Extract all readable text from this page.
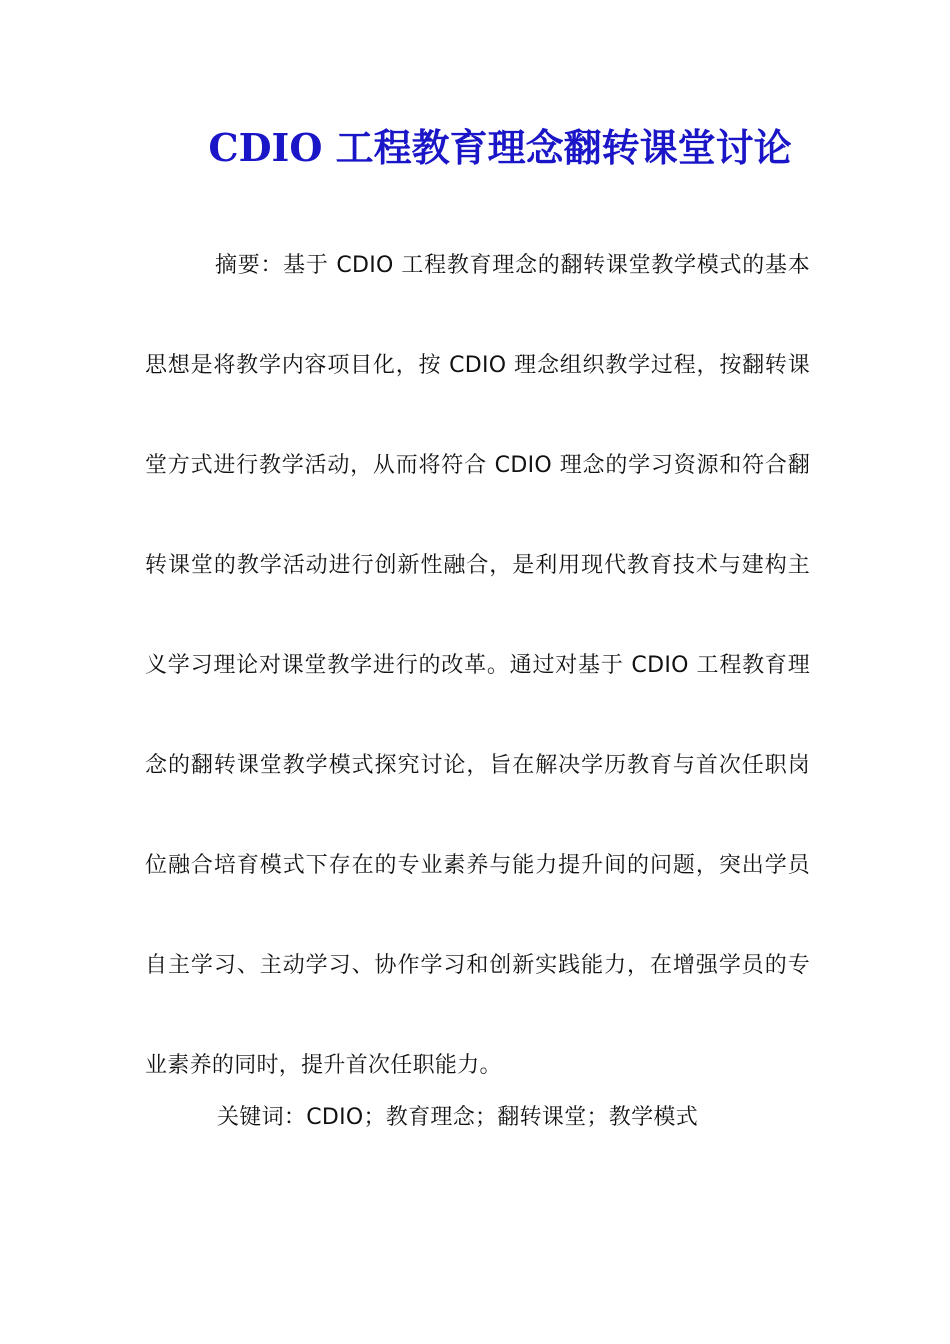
CDIO 工程教育理念翻转课堂讨论

摘要：基于 CDIO 工程教育理念的翻转课堂教学模式的基本思想是将教学内容项目化，按 CDIO 理念组织教学过程，按翻转课堂方式进行教学活动，从而将符合 CDIO 理念的学习资源和符合翻转课堂的教学活动进行创新性融合，是利用现代教育技术与建构主义学习理论对课堂教学进行的改革。通过对基于 CDIO 工程教育理念的翻转课堂教学模式探究讨论，旨在解决学历教育与首次任职岗位融合培育模式下存在的专业素养与能力提升间的问题，突出学员自主学习、主动学习、协作学习和创新实践能力，在增强学员的专业素养的同时，提升首次任职能力。

关键词：CDIO；教育理念；翻转课堂；教学模式
